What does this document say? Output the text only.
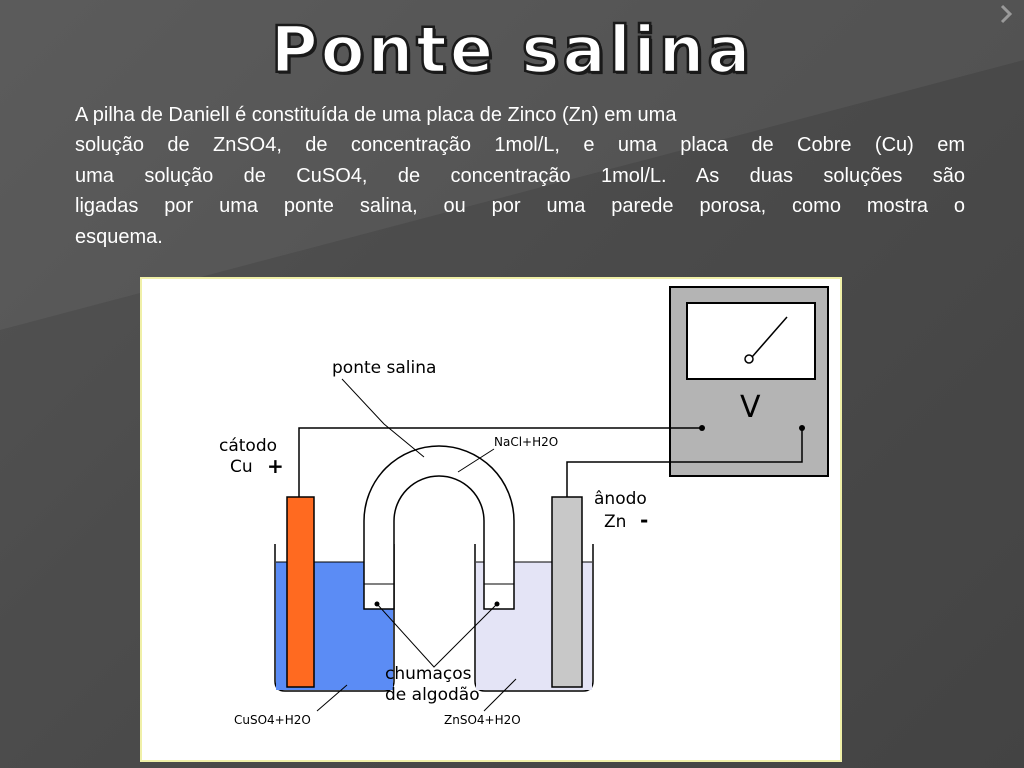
Ponte salina

A pilha de Daniell é constituída de uma placa de Zinco (Zn) em uma
solução de ZnSO4, de concentração 1mol/L, e uma placa de Cobre (Cu) em
uma solução de CuSO4, de concentração 1mol/L. As duas soluções são
ligadas por uma ponte salina, ou por uma parede porosa, como mostra o
esquema.

V
ponte salina
NaCl+H2O
cátodo
Cu +
ânodo
Zn -
chumaços
de algodão
CuSO4+H2O	ZnSO4+H2O
